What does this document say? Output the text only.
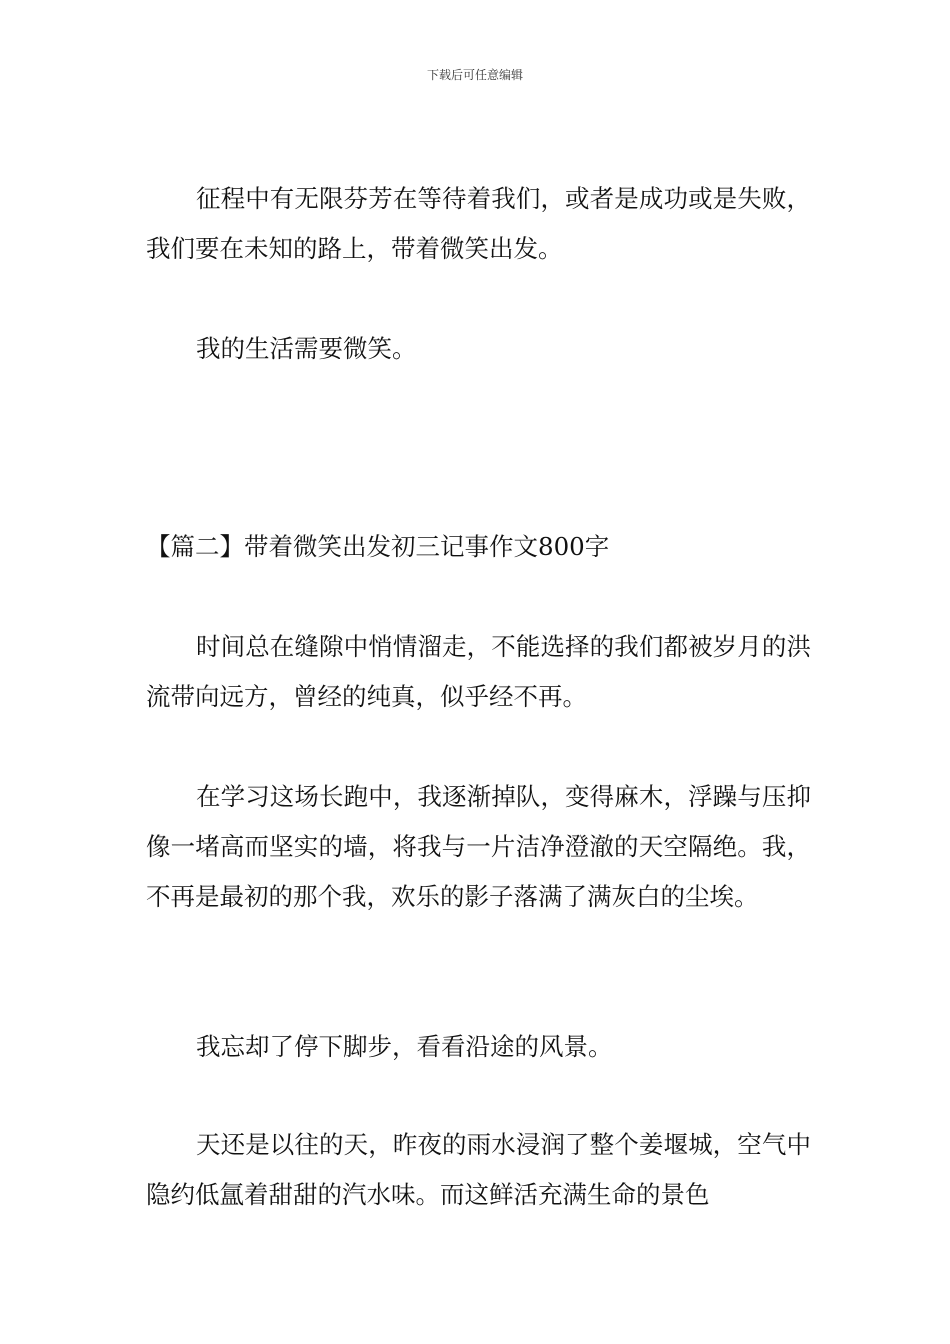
下载后可任意编辑

征程中有无限芬芳在等待着我们，或者是成功或是失败，我们要在未知的路上，带着微笑出发。

我的生活需要微笑。

【篇二】带着微笑出发初三记事作文800字

时间总在缝隙中悄情溜走，不能选择的我们都被岁月的洪流带向远方，曾经的纯真，似乎经不再。

在学习这场长跑中，我逐渐掉队，变得麻木，浮躁与压抑像一堵高而坚实的墙，将我与一片洁净澄澈的天空隔绝。我，不再是最初的那个我，欢乐的影子落满了满灰白的尘埃。

我忘却了停下脚步，看看沿途的风景。

天还是以往的天，昨夜的雨水浸润了整个姜堰城，空气中隐约低氲着甜甜的汽水味。而这鲜活充满生命的景色
